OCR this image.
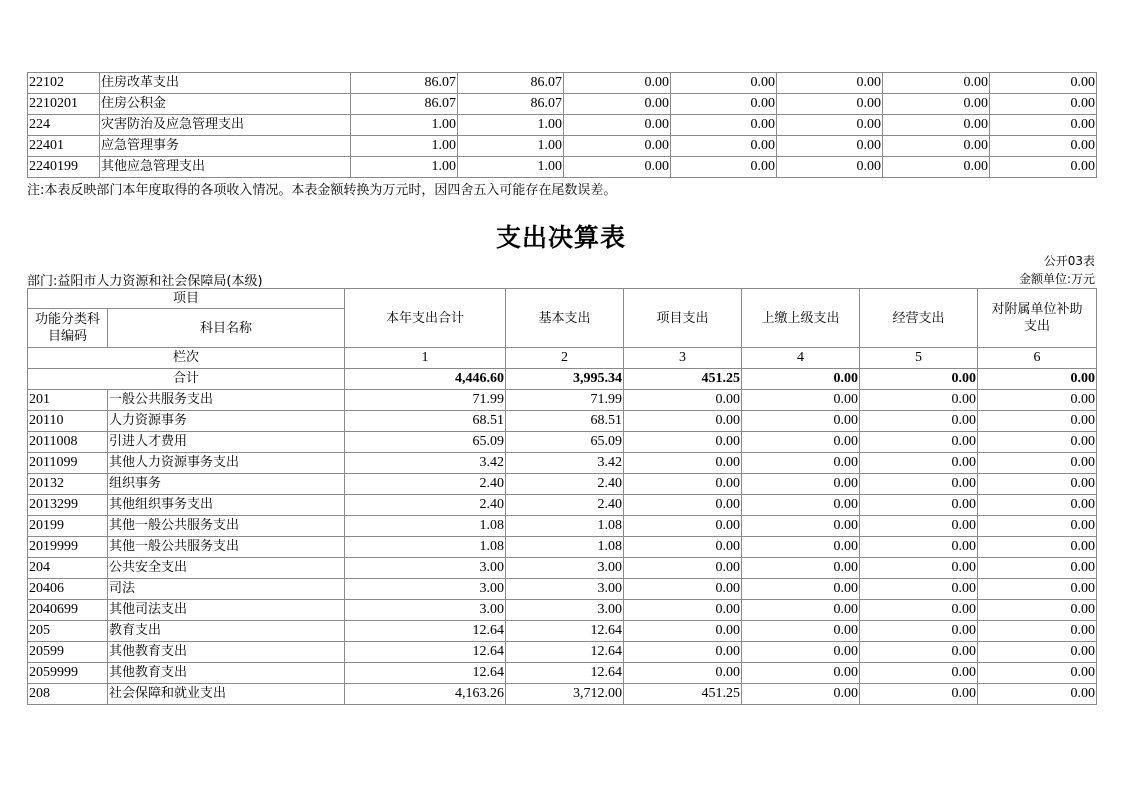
22102	住房改革支出	86.07	86.07	0.00	0.00	0.00	0.00	0.00
2210201	住房公积金	86.07	86.07	0.00	0.00	0.00	0.00	0.00
224	灾害防治及应急管理支出	1.00	1.00	0.00	0.00	0.00	0.00	0.00
22401	应急管理事务	1.00	1.00	0.00	0.00	0.00	0.00	0.00
2240199	其他应急管理支出	1.00	1.00	0.00	0.00	0.00	0.00	0.00
注:本表反映部门本年度取得的各项收入情况。本表金额转换为万元时，因四舍五入可能存在尾数误差。
支出决算表
公开03表
部门:益阳市人力资源和社会保障局(本级)	金额单位:万元
项目		本年支出合计	基本支出	项目支出	上缴上级支出	经营支出	对附属单位补助支出
功能分类科目编码	科目名称						
栏次		1	2	3	4	5	6
合计		4,446.60	3,995.34	451.25	0.00	0.00	0.00
201	一般公共服务支出	71.99	71.99	0.00	0.00	0.00	0.00
20110	人力资源事务	68.51	68.51	0.00	0.00	0.00	0.00
2011008	引进人才费用	65.09	65.09	0.00	0.00	0.00	0.00
2011099	其他人力资源事务支出	3.42	3.42	0.00	0.00	0.00	0.00
20132	组织事务	2.40	2.40	0.00	0.00	0.00	0.00
2013299	其他组织事务支出	2.40	2.40	0.00	0.00	0.00	0.00
20199	其他一般公共服务支出	1.08	1.08	0.00	0.00	0.00	0.00
2019999	其他一般公共服务支出	1.08	1.08	0.00	0.00	0.00	0.00
204	公共安全支出	3.00	3.00	0.00	0.00	0.00	0.00
20406	司法	3.00	3.00	0.00	0.00	0.00	0.00
2040699	其他司法支出	3.00	3.00	0.00	0.00	0.00	0.00
205	教育支出	12.64	12.64	0.00	0.00	0.00	0.00
20599	其他教育支出	12.64	12.64	0.00	0.00	0.00	0.00
2059999	其他教育支出	12.64	12.64	0.00	0.00	0.00	0.00
208	社会保障和就业支出	4,163.26	3,712.00	451.25	0.00	0.00	0.00
